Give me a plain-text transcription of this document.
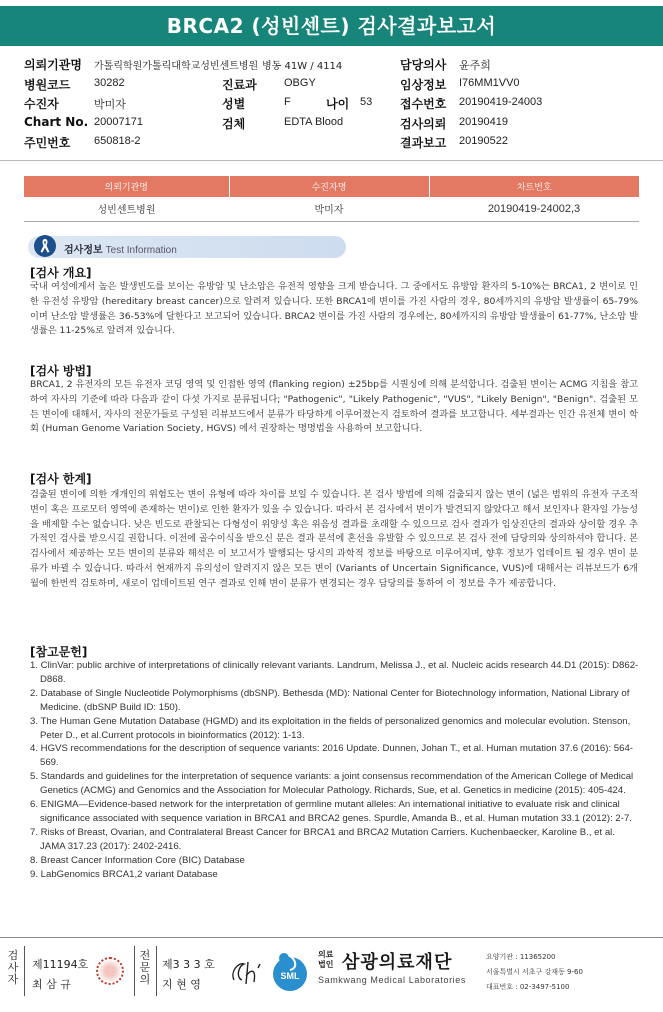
BRCA2 (성빈센트) 검사결과보고서
의뢰기관명 가톨릭학원가톨릭대학교성빈센트병원 병동 41W / 4114	담당의사 윤주희
병원코드 30282	진료과 OBGY	임상정보 I76MM1VV0
수진자	박미자	성별	F	나이 53 접수번호 20190419-24003
Chart No. 20007171	검체	EDTA Blood	검사의뢰 20190419
주민번호 650818-2	결과보고 20190522
의뢰기관명	수진자명	차트번호
성빈센트병원	박미자	20190419-24002,3
검사정보 Test Information
[검사 개요]
국내 여성에게서 높은 발생빈도를 보이는 유방암 및 난소암은 유전적 영향을 크게 받습니다. 그 중에서도 유방암 환자의 5-10%는 BRCA1, 2 변이로 인한 유전성 유방암 (hereditary breast cancer)으로 알려져 있습니다. 또한 BRCA1에 변이를 가진 사람의 경우, 80세까지의 유방암 발생률이 65-79% 이며 난소암 발생률은 36-53%에 달한다고 보고되어 있습니다. BRCA2 변이를 가진 사람의 경우에는, 80세까지의 유방암 발생률이 61-77%, 난소암 발생률은 11-25%로 알려져 있습니다.
[검사 방법]
BRCA1, 2 유전자의 모든 유전자 코딩 영역 및 인접한 영역 (flanking region) ±25bp를 시퀀싱에 의해 분석합니다. 검출된 변이는 ACMG 지침을 참고하여 자사의 기준에 따라 다음과 같이 다섯 가지로 분류됩니다; "Pathogenic", "Likely Pathogenic", "VUS", "Likely Benign", "Benign". 검출된 모든 변이에 대해서, 자사의 전문가들로 구성된 리뷰보드에서 분류가 타당하게 이루어졌는지 검토하여 결과를 보고합니다. 세부결과는 인간 유전체 변이 학회 (Human Genome Variation Society, HGVS) 에서 권장하는 명명법을 사용하여 보고합니다.
[검사 한계]
검출된 변이에 의한 개개인의 위험도는 변이 유형에 따라 차이를 보일 수 있습니다. 본 검사 방법에 의해 검출되지 않는 변이 (넓은 범위의 유전자 구조적 변이 혹은 프로모터 영역에 존재하는 변이)로 인한 환자가 있을 수 있습니다. 따라서 본 검사에서 변이가 발견되지 않았다고 해서 보인자나 환자일 가능성을 배제할 수는 없습니다. 낮은 빈도로 관찰되는 다형성이 위양성 혹은 위음성 결과를 초래할 수 있으므로 검사 결과가 임상진단의 결과와 상이할 경우 추가적인 검사를 받으시길 권합니다. 이전에 골수이식을 받으신 분은 결과 분석에 혼선을 유발할 수 있으므로 본 검사 전에 담당의와 상의하셔야 합니다. 본 검사에서 제공하는 모든 변이의 분류와 해석은 이 보고서가 발행되는 당시의 과학적 정보를 바탕으로 이루어지며, 향후 정보가 업데이트 될 경우 변이 분류가 바뀔 수 있습니다. 따라서 현재까지 유의성이 알려지지 않은 모든 변이 (Variants of Uncertain Significance, VUS)에 대해서는 리뷰보드가 6개월에 한번씩 검토하며, 새로이 업데이트된 연구 결과로 인해 변이 분류가 변경되는 경우 담당의를 통하여 이 정보를 추가 제공합니다.
[참고문헌]
1. ClinVar: public archive of interpretations of clinically relevant variants. Landrum, Melissa J., et al. Nucleic acids research 44.D1 (2015): D862-D868.
2. Database of Single Nucleotide Polymorphisms (dbSNP). Bethesda (MD): National Center for Biotechnology information, National Library of Medicine. (dbSNP Build ID: 150).
3. The Human Gene Mutation Database (HGMD) and its exploitation in the fields of personalized genomics and molecular evolution. Stenson, Peter D., et al.Current protocols in bioinformatics (2012): 1-13.
4. HGVS recommendations for the description of sequence variants: 2016 Update. Dunnen, Johan T., et al. Human mutation 37.6 (2016): 564-569.
5. Standards and guidelines for the interpretation of sequence variants: a joint consensus recommendation of the American College of Medical Genetics (ACMG) and Genomics and the Association for Molecular Pathology. Richards, Sue, et al. Genetics in medicine (2015): 405-424.
6. ENIGMA—Evidence-based network for the interpretation of germline mutant alleles: An international initiative to evaluate risk and clinical significance associated with sequence variation in BRCA1 and BRCA2 genes. Spurdle, Amanda B., et al. Human mutation 33.1 (2012): 2-7.
7. Risks of Breast, Ovarian, and Contralateral Breast Cancer for BRCA1 and BRCA2 Mutation Carriers. Kuchenbaecker, Karoline B., et al. JAMA 317.23 (2017): 2402-2416.
8. Breast Cancer Information Core (BIC) Database
9. LabGenomics BRCA1,2 variant Database
검
사
자
제11194호
최 삼 규
전
문
의
제3 3 3 호
지 현 영
SML
의료
법인 삼광의료재단
Samkwang Medical Laboratories
요양기관 : 11365200
서울특별시 서초구 강재동 9-60
대표번호 : 02-3497-5100
